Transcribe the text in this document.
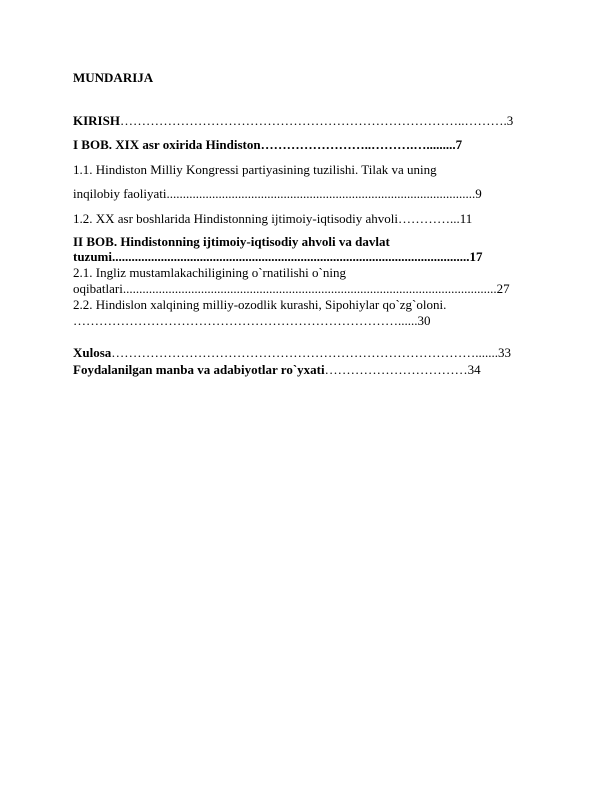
MUNDARIJA
KIRISH……………………………………………………………………..……….3
I BOB. XIX asr oxirida Hindiston……………………..……….….........7
1.1. Hindiston Milliy Kongressi partiyasining tuzilishi. Tilak va uning
inqilobiy faoliyati...............................................................................................9
1.2. XX asr boshlarida Hindistonning ijtimoiy-iqtisodiy ahvoli…………...11
II BOB. Hindistonning ijtimoiy-iqtisodiy ahvoli va davlat
tuzumi..............................................................................................................17
2.1. Ingliz mustamlakachiligining o`rnatilishi o`ning
oqibatlari...................................................................................................................27
2.2. Hindislon xalqining milliy-ozodlik kurashi, Sipohiylar qo`zg`oloni.
…………………………………………………………………......30
Xulosa………………………………………………………………………….......33
Foydalanilgan manba va adabiyotlar ro`yxati……………………………34
